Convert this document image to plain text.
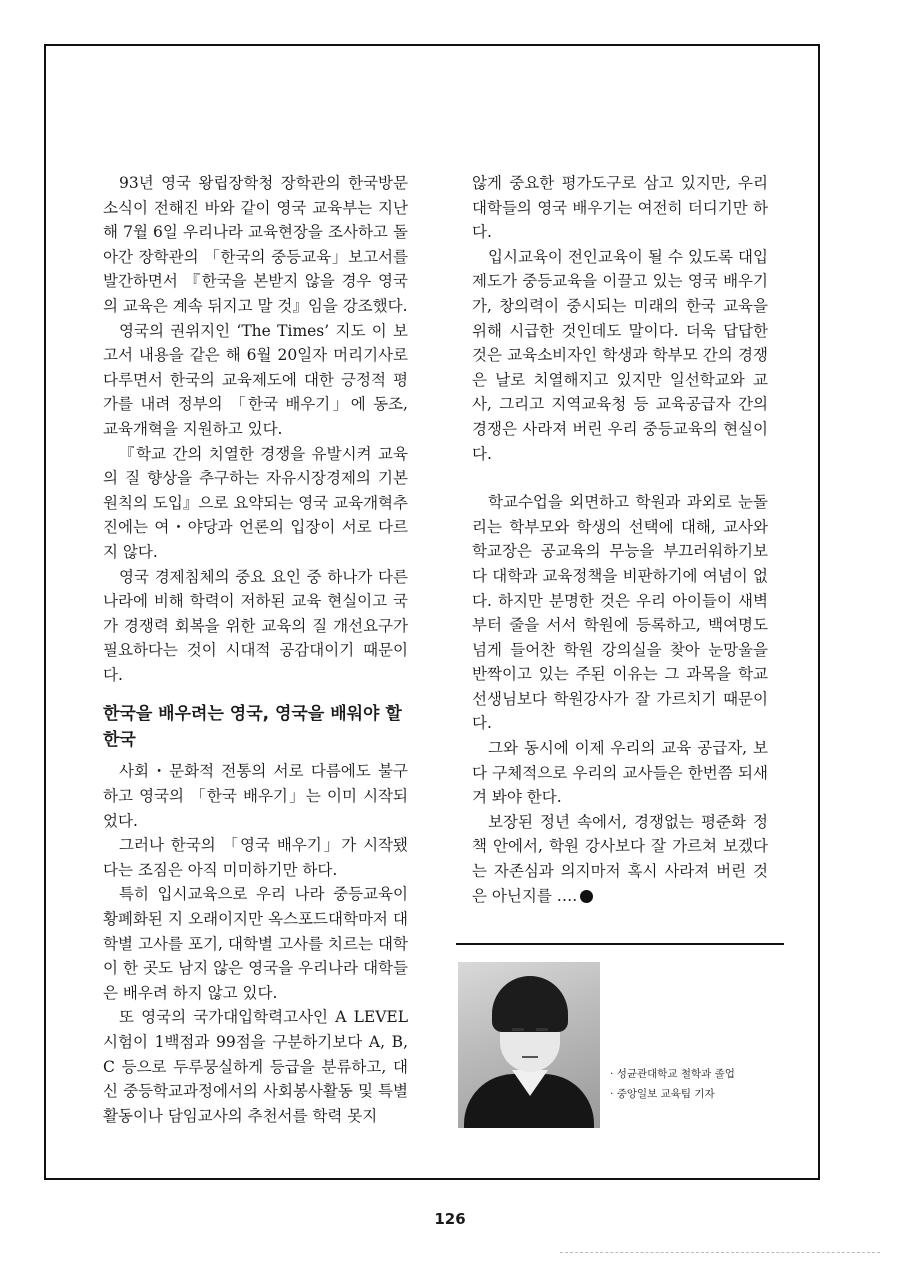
93년 영국 왕립장학청 장학관의 한국방문 소식이 전해진 바와 같이 영국 교육부는 지난해 7월 6일 우리나라 교육현장을 조사하고 돌아간 장학관의 「한국의 중등교육」보고서를 발간하면서 『한국을 본받지 않을 경우 영국의 교육은 계속 뒤지고 말 것』임을 강조했다.

영국의 권위지인 ‘The Times’ 지도 이 보고서 내용을 같은 해 6월 20일자 머리기사로 다루면서 한국의 교육제도에 대한 긍정적 평가를 내려 정부의 「한국 배우기」에 동조, 교육개혁을 지원하고 있다.

『학교 간의 치열한 경쟁을 유발시켜 교육의 질 향상을 추구하는 자유시장경제의 기본원칙의 도입』으로 요약되는 영국 교육개혁추진에는 여・야당과 언론의 입장이 서로 다르지 않다.

영국 경제침체의 중요 요인 중 하나가 다른 나라에 비해 학력이 저하된 교육 현실이고 국가 경쟁력 회복을 위한 교육의 질 개선요구가 필요하다는 것이 시대적 공감대이기 때문이다.

한국을 배우려는 영국, 영국을 배워야 할 한국

사회・문화적 전통의 서로 다름에도 불구하고 영국의 「한국 배우기」는 이미 시작되었다.

그러나 한국의 「영국 배우기」가 시작됐다는 조짐은 아직 미미하기만 하다.

특히 입시교육으로 우리 나라 중등교육이 황폐화된 지 오래이지만 옥스포드대학마저 대학별 고사를 포기, 대학별 고사를 치르는 대학이 한 곳도 남지 않은 영국을 우리나라 대학들은 배우려 하지 않고 있다.

또 영국의 국가대입학력고사인 A LEVEL 시험이 1백점과 99점을 구분하기보다 A, B, C 등으로 두루뭉실하게 등급을 분류하고, 대신 중등학교과정에서의 사회봉사활동 및 특별활동이나 담임교사의 추천서를 학력 못지

않게 중요한 평가도구로 삼고 있지만, 우리 대학들의 영국 배우기는 여전히 더디기만 하다.

입시교육이 전인교육이 될 수 있도록 대입제도가 중등교육을 이끌고 있는 영국 배우기가, 창의력이 중시되는 미래의 한국 교육을 위해 시급한 것인데도 말이다. 더욱 답답한 것은 교육소비자인 학생과 학부모 간의 경쟁은 날로 치열해지고 있지만 일선학교와 교사, 그리고 지역교육청 등 교육공급자 간의 경쟁은 사라져 버린 우리 중등교육의 현실이다.

학교수업을 외면하고 학원과 과외로 눈돌리는 학부모와 학생의 선택에 대해, 교사와 학교장은 공교육의 무능을 부끄러워하기보다 대학과 교육정책을 비판하기에 여념이 없다. 하지만 분명한 것은 우리 아이들이 새벽부터 줄을 서서 학원에 등록하고, 백여명도 넘게 들어찬 학원 강의실을 찾아 눈망울을 반짝이고 있는 주된 이유는 그 과목을 학교선생님보다 학원강사가 잘 가르치기 때문이다.

그와 동시에 이제 우리의 교육 공급자, 보다 구체적으로 우리의 교사들은 한번쯤 되새겨 봐야 한다.

보장된 정년 속에서, 경쟁없는 평준화 정책 안에서, 학원 강사보다 잘 가르쳐 보겠다는 자존심과 의지마저 혹시 사라져 버린 것은 아닌지를 ….

· 성균관대학교 철학과 졸업
· 중앙일보 교육팀 기자
126
